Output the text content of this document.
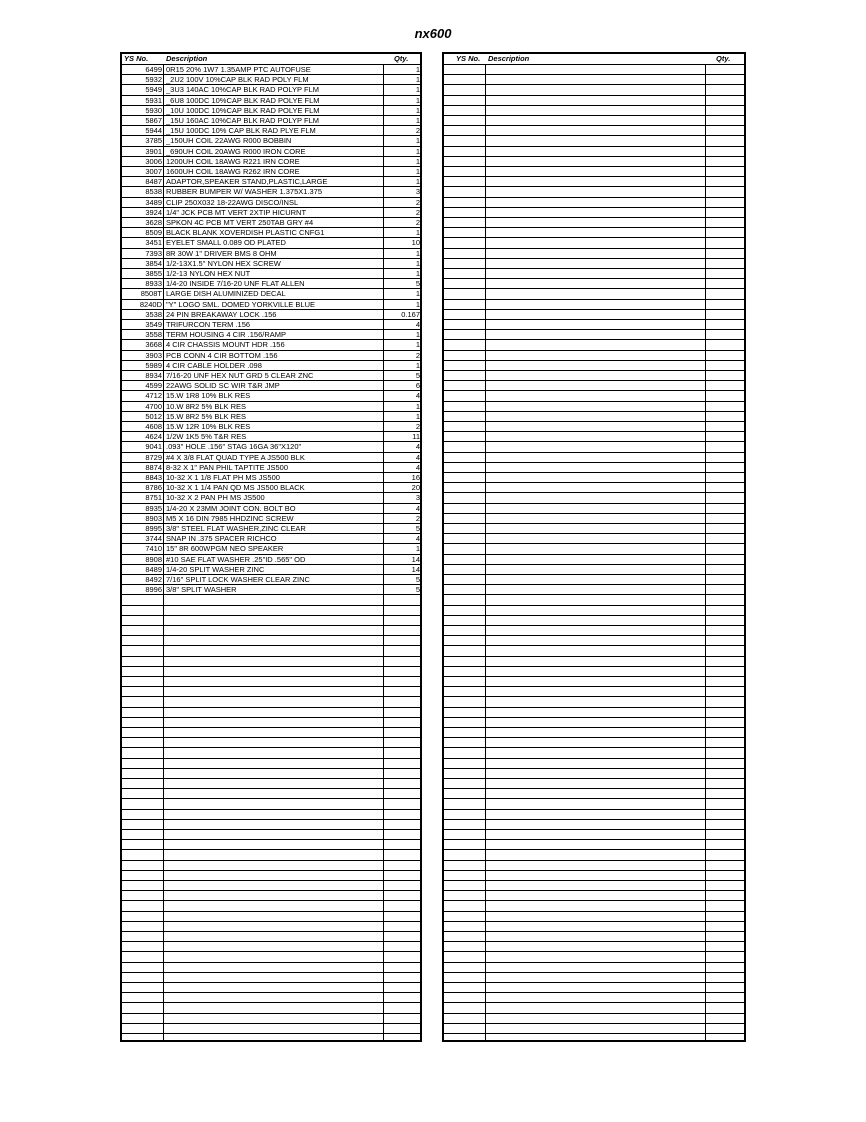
nx600
YS No. Description	Qty.
6499 0R15 20% 1W7 1.35AMP PTC AUTOFUSE	1
5932 _2U2 100V 10%CAP BLK RAD POLY FLM	1
5949 _3U3 140AC 10%CAP BLK RAD POLYP FLM	1
5931 _6U8 100DC 10%CAP BLK RAD POLYE FLM	1
5930 _10U 100DC 10%CAP BLK RAD POLYE FLM	1
5867 _15U 160AC 10%CAP BLK RAD POLYP FLM	1
5944 _15U 100DC 10% CAP BLK RAD PLYE FLM	2
3785 _150UH COIL 22AWG R000 BOBBIN	1
3901 _690UH COIL 20AWG R000 IRON CORE	1
3006 1200UH COIL 18AWG R221 IRN CORE	1
3007 1600UH COIL 18AWG R262 IRN CORE	1
8487 ADAPTOR,SPEAKER STAND,PLASTIC,LARGE	1
8538 RUBBER BUMPER W/ WASHER 1.375X1.375	3
3489 CLIP 250X032 18-22AWG DISCO/INSL	2
3924 1/4" JCK PCB MT VERT 2XTIP HICURNT	2
3628 SPKON 4C PCB MT VERT 250TAB GRY #4	2
8509 BLACK BLANK XOVERDISH PLASTIC CNFG1	1
3451 EYELET SMALL 0.089 OD PLATED	10
7393 8R 30W 1" DRIVER BMS 8 OHM	1
3854 1/2-13X1.5" NYLON HEX SCREW	1
3855 1/2-13 NYLON HEX NUT	1
8933 1/4-20 INSIDE 7/16-20 UNF FLAT ALLEN	5
8508T LARGE DISH ALUMINIZED DECAL	1
8240D "Y" LOGO SML. DOMED YORKVILLE BLUE	1
3538 24 PIN BREAKAWAY LOCK .156	0.167
3549 TRIFURCON TERM .156	4
3558 TERM HOUSING 4 CIR .156/RAMP	1
3668 4 CIR CHASSIS MOUNT HDR .156	1
3903 PCB CONN 4 CIR BOTTOM .156	2
5989 4 CIR CABLE HOLDER .098	1
8934 7/16-20 UNF HEX NUT GRD 5 CLEAR ZNC	5
4599 22AWG SOLID SC WIR T&R JMP	6
4712 15.W 1R8 10% BLK RES	4
4700 10.W 8R2 5% BLK RES	1
5012 15.W 8R2 5% BLK RES	1
4608 15.W 12R 10% BLK RES	2
4624 1/2W 1K5 5% T&R RES	11
9041 .093" HOLE .156" STAG 16GA 36"X120"	4
8729 #4 X 3/8 FLAT QUAD TYPE A JS500 BLK	4
8874 8-32 X 1" PAN PHIL TAPTITE JS500	4
8843 10-32 X 1 1/8 FLAT PH MS JS500	16
8786 10-32 X 1 1/4 PAN QD MS JS500 BLACK	20
8751 10-32 X 2 PAN PH MS JS500	3
8935 1/4-20 X 23MM JOINT CON. BOLT BO	4
8903 M5 X 16 DIN 7985 HHDZINC SCREW	2
8995 3/8" STEEL FLAT WASHER,ZINC CLEAR	5
3744 SNAP IN .375 SPACER RICHCO	4
7410 15" 8R 600WPGM NEO SPEAKER	1
8908 #10 SAE FLAT WASHER .25"ID .565" OD	14
8489 1/4-20 SPLIT WASHER ZINC	14
8492 7/16" SPLIT LOCK WASHER CLEAR ZINC	5
8996 3/8" SPLIT WASHER	5
YS No. Description	Qty.
